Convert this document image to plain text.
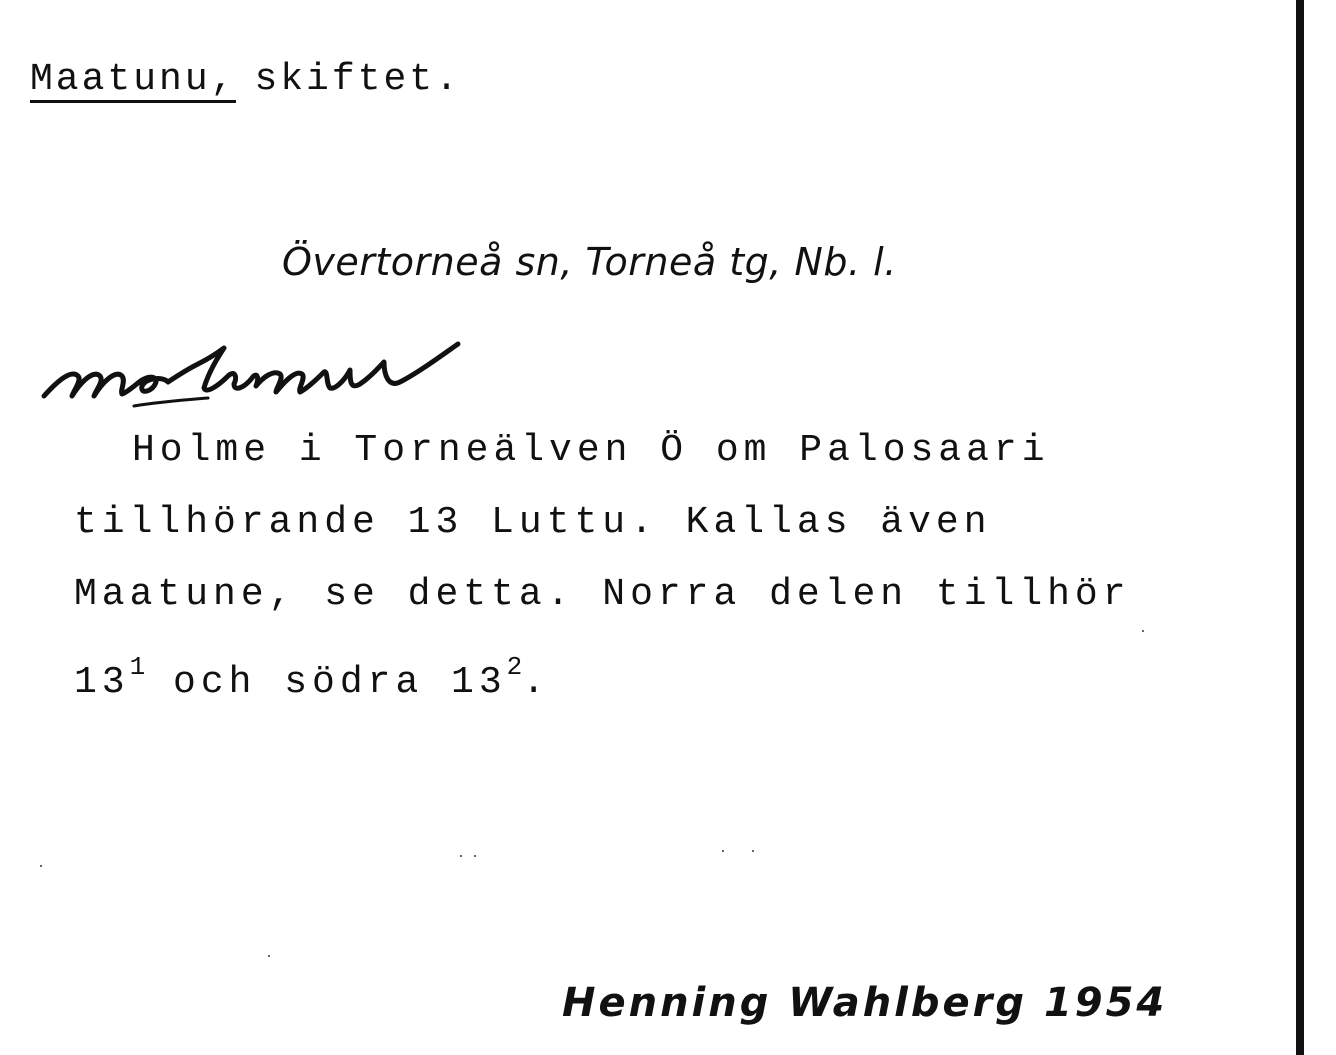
Maatunu, skiftet.
Övertorneå sn, Torneå tg, Nb. l.
Holme i Torneälven Ö om Palosaari
tillhörande 13 Luttu. Kallas även
Maatune, se detta. Norra delen tillhör
$13^1$ och södra $13^2$.
Henning Wahlberg 1954
